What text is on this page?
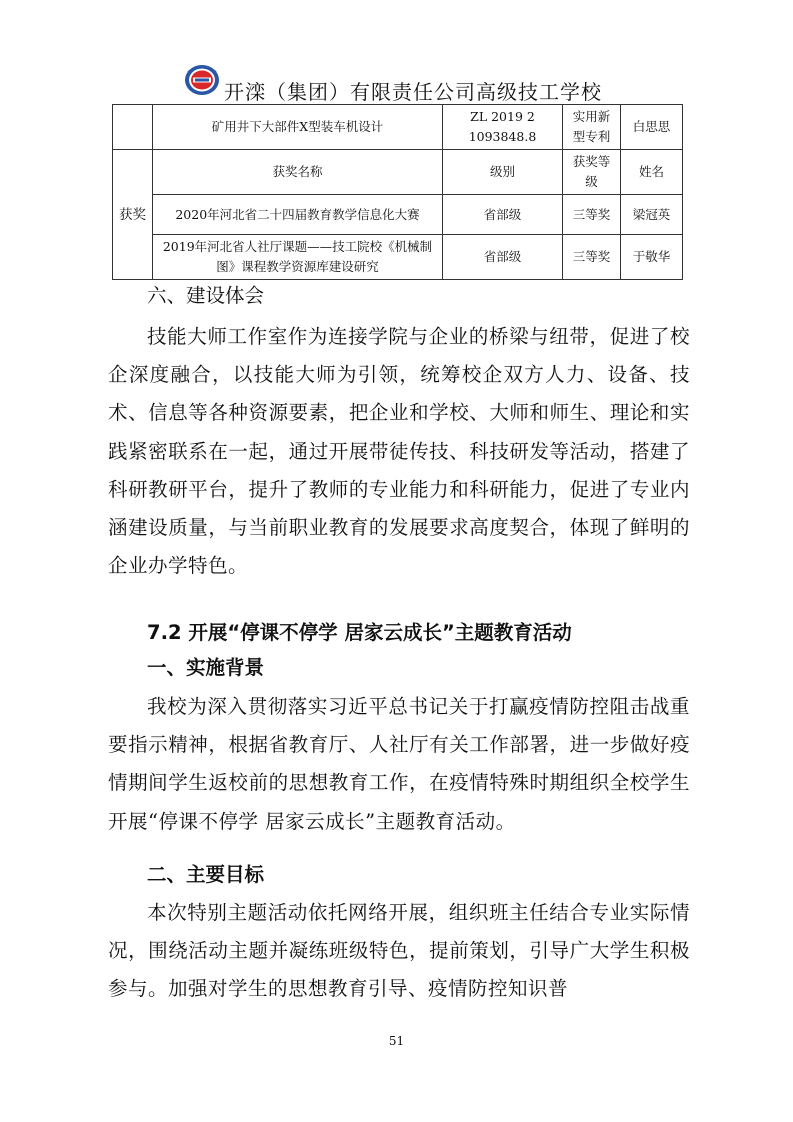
开滦（集团）有限责任公司高级技工学校
	矿用井下大部件X型装车机设计	ZL 2019 2 1093848.8	实用新型专利	白思思
获奖	获奖名称	级别	获奖等级	姓名
	2020年河北省二十四届教育教学信息化大赛	省部级	三等奖	梁冠英
	2019年河北省人社厅课题——技工院校《机械制图》课程教学资源库建设研究	省部级	三等奖	于敬华

六、建设体会

技能大师工作室作为连接学院与企业的桥梁与纽带，促进了校企深度融合，以技能大师为引领，统筹校企双方人力、设备、技术、信息等各种资源要素，把企业和学校、大师和师生、理论和实践紧密联系在一起，通过开展带徒传技、科技研发等活动，搭建了科研教研平台，提升了教师的专业能力和科研能力，促进了专业内涵建设质量，与当前职业教育的发展要求高度契合，体现了鲜明的企业办学特色。

7.2 开展“停课不停学 居家云成长”主题教育活动

一、实施背景

我校为深入贯彻落实习近平总书记关于打赢疫情防控阻击战重要指示精神，根据省教育厅、人社厅有关工作部署，进一步做好疫情期间学生返校前的思想教育工作，在疫情特殊时期组织全校学生开展“停课不停学 居家云成长”主题教育活动。

二、主要目标

本次特别主题活动依托网络开展，组织班主任结合专业实际情况，围绕活动主题并凝练班级特色，提前策划，引导广大学生积极参与。加强对学生的思想教育引导、疫情防控知识普

51
